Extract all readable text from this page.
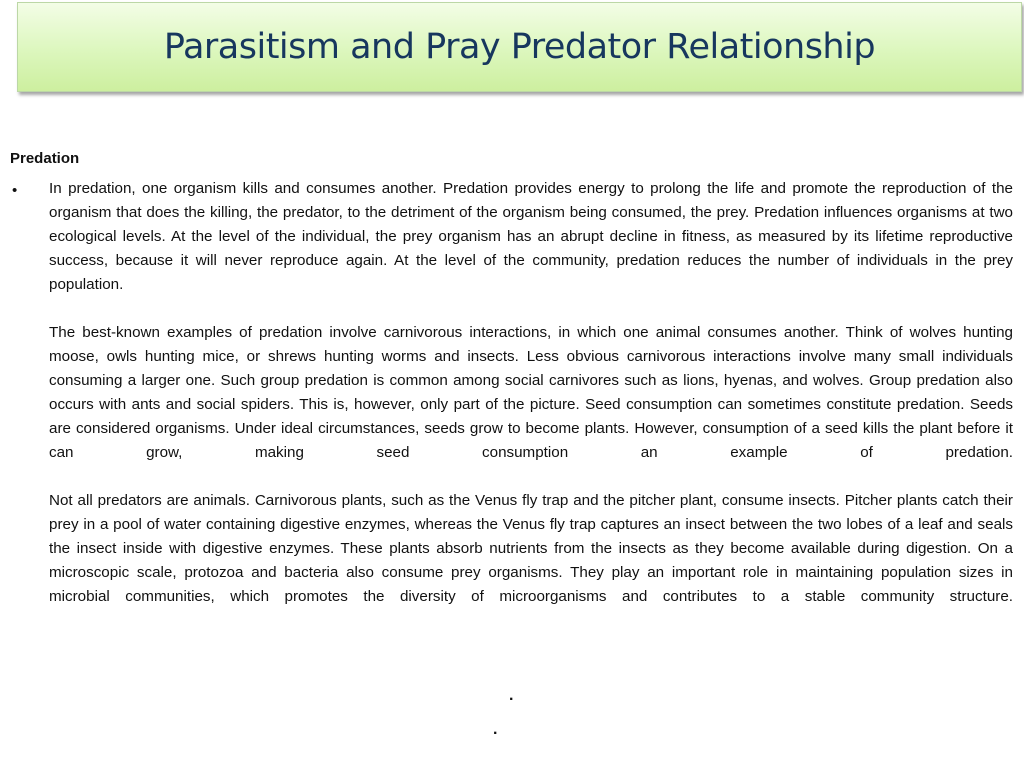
Parasitism and Pray Predator Relationship
Predation
• In predation, one organism kills and consumes another. Predation provides energy to prolong the life and promote the reproduction of the organism that does the killing, the predator, to the detriment of the organism being consumed, the prey. Predation influences organisms at two ecological levels. At the level of the individual, the prey organism has an abrupt decline in fitness, as measured by its lifetime reproductive success, because it will never reproduce again. At the level of the community, predation reduces the number of individuals in the prey population.

The best-known examples of predation involve carnivorous interactions, in which one animal consumes another. Think of wolves hunting moose, owls hunting mice, or shrews hunting worms and insects. Less obvious carnivorous interactions involve many small individuals consuming a larger one. Such group predation is common among social carnivores such as lions, hyenas, and wolves. Group predation also occurs with ants and social spiders. This is, however, only part of the picture. Seed consumption can sometimes constitute predation. Seeds are considered organisms. Under ideal circumstances, seeds grow to become plants. However, consumption of a seed kills the plant before it can grow, making seed consumption an example of predation.

Not all predators are animals. Carnivorous plants, such as the Venus fly trap and the pitcher plant, consume insects. Pitcher plants catch their prey in a pool of water containing digestive enzymes, whereas the Venus fly trap captures an insect between the two lobes of a leaf and seals the insect inside with digestive enzymes. These plants absorb nutrients from the insects as they become available during digestion. On a microscopic scale, protozoa and bacteria also consume prey organisms. They play an important role in maintaining population sizes in microbial communities, which promotes the diversity of microorganisms and contributes to a stable community structure.

.
.
